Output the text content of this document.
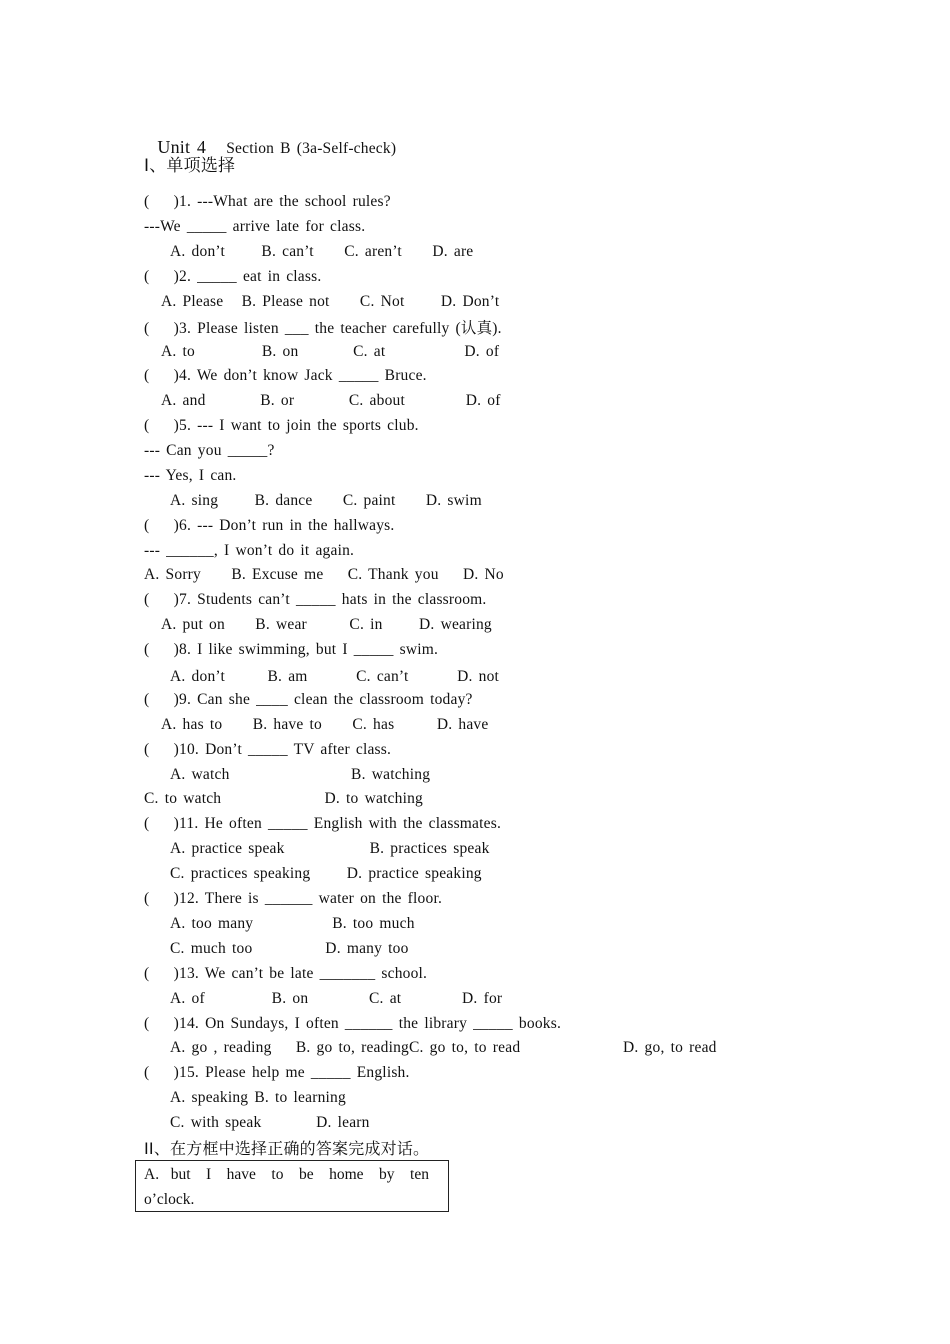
Unit 4 Section B (3a-Self-check)

I、单项选择
(    )1. ---What are the school rules?
---We _____ arrive late for class.
A. don’t      B. can’t     C. aren’t     D. are
(    )2. _____ eat in class.
A. Please   B. Please not     C. Not      D. Don’t
(    )3. Please listen ___ the teacher carefully (认真).
A. to           B. on         C. at             D. of
(    )4. We don’t know Jack _____ Bruce.
A. and         B. or         C. about          D. of
(    )5. --- I want to join the sports club.
--- Can you _____?
--- Yes, I can.
A. sing      B. dance     C. paint     D. swim
(    )6. --- Don’t run in the hallways.
--- ______, I won’t do it again.
A. Sorry     B. Excuse me    C. Thank you    D. No
(    )7. Students can’t _____ hats in the classroom.
A. put on     B. wear       C. in      D. wearing
(    )8. I like swimming, but I _____ swim.
A. don’t       B. am        C. can’t        D. not
(    )9. Can she ____ clean the classroom today?
A. has to     B. have to     C. has       D. have
(    )10. Don’t _____ TV after class.
A. watch                    B. watching
C. to watch                 D. to watching
(    )11. He often _____ English with the classmates.
A. practice speak              B. practices speak
C. practices speaking      D. practice speaking
(    )12. There is ______ water on the floor.
A. too many             B. too much
C. much too            D. many too
(    )13. We can’t be late _______ school.
A. of           B. on          C. at          D. for
(    )14. On Sundays, I often ______ the library _____ books.
A. go , reading    B. go to, readingC. go to, to read	D. go, to read
(    )15. Please help me _____ English.
A. speaking B. to learning
C. with speak         D. learn
II、在方框中选择正确的答案完成对话。
A.   but    I    have    to    be    home    by    ten
o’clock.
